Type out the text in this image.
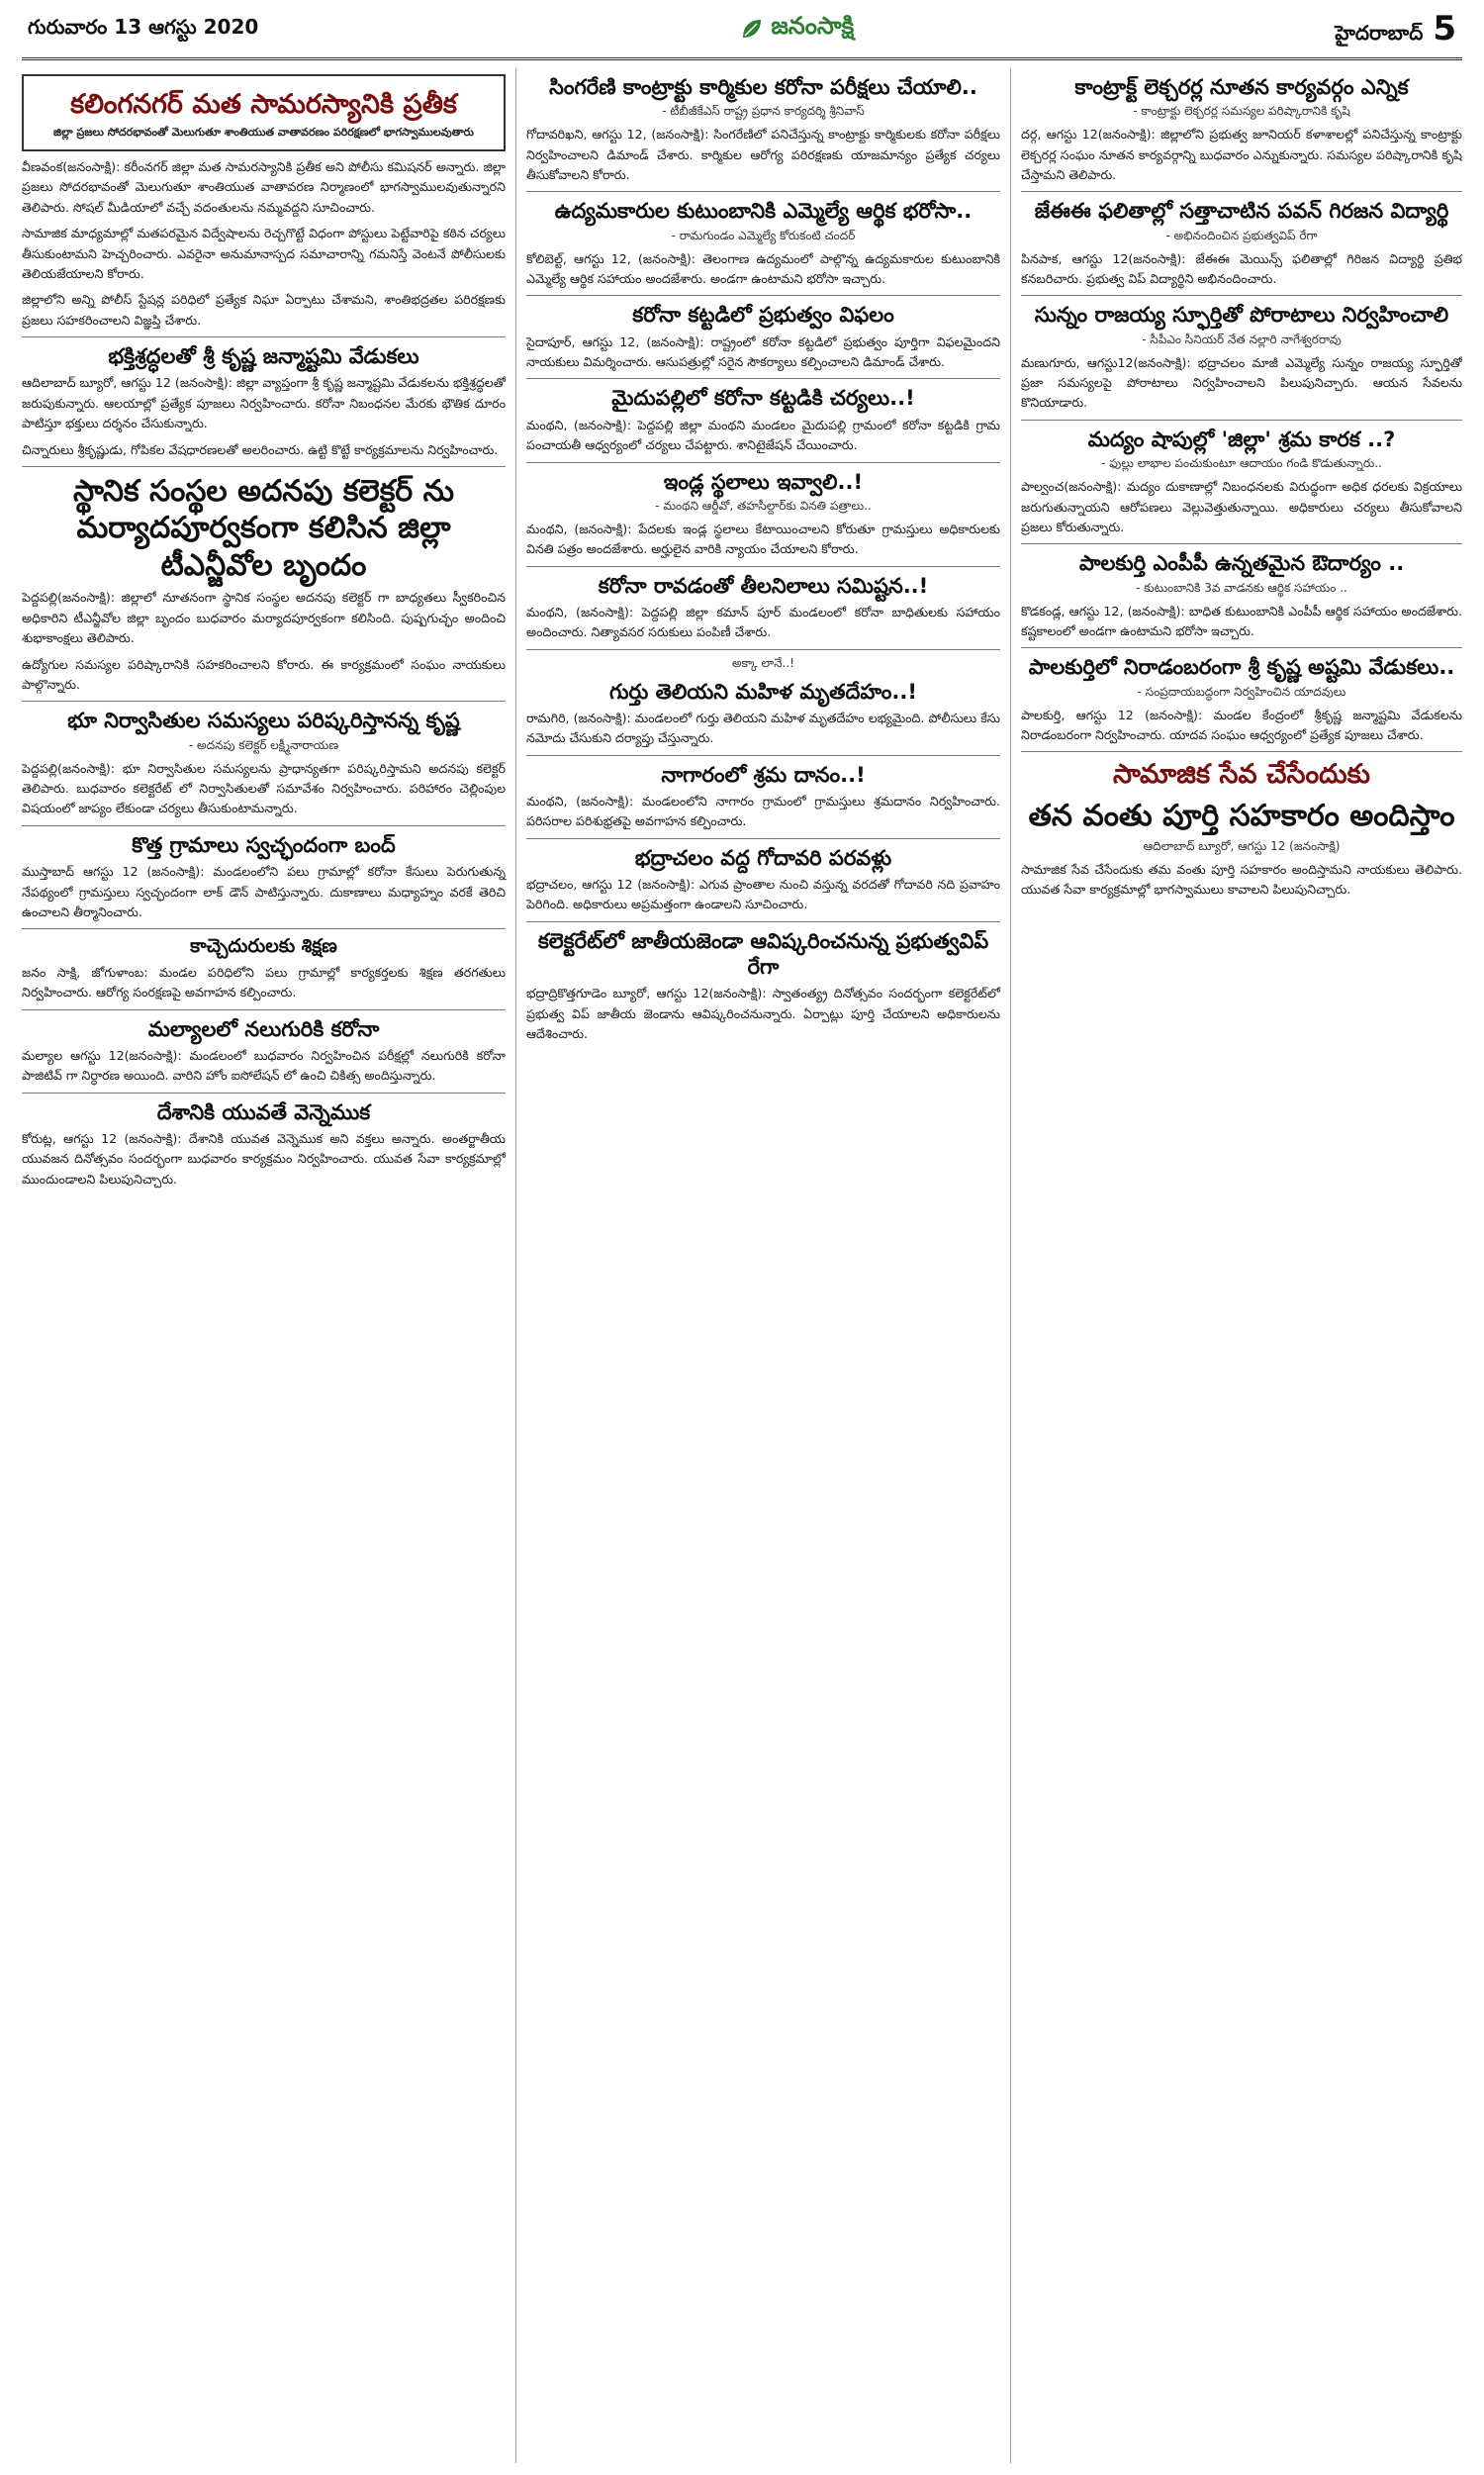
గురువారం 13 ఆగస్టు 2020	జనంసాక్షి	హైదరాబాద్ 5
కలింగనగర్ మత సామరస్యానికి ప్రతీక
జిల్లా ప్రజలు సోదరభావంతో మెలుగుతూ శాంతియుత వాతావరణం పరిరక్షణలో భాగస్వాములవుతారు

వీణవంక(జనంసాక్షి): కరీంనగర్ జిల్లా మత సామరస్యానికి ప్రతీక అని పోలీసు కమిషనర్ అన్నారు. జిల్లా ప్రజలు సోదరభావంతో మెలుగుతూ శాంతియుత వాతావరణ నిర్మాణంలో భాగస్వాములవుతున్నారని తెలిపారు. సోషల్ మీడియాలో వచ్చే వదంతులను నమ్మవద్దని సూచించారు.

సామాజిక మాధ్యమాల్లో మతపరమైన విద్వేషాలను రెచ్చగొట్టే విధంగా పోస్టులు పెట్టేవారిపై కఠిన చర్యలు తీసుకుంటామని హెచ్చరించారు. ఎవరైనా అనుమానాస్పద సమాచారాన్ని గమనిస్తే వెంటనే పోలీసులకు తెలియజేయాలని కోరారు.

జిల్లాలోని అన్ని పోలీస్ స్టేషన్ల పరిధిలో ప్రత్యేక నిఘా ఏర్పాటు చేశామని, శాంతిభద్రతల పరిరక్షణకు ప్రజలు సహకరించాలని విజ్ఞప్తి చేశారు.

భక్తిశ్రద్ధలతో శ్రీ కృష్ణ జన్మాష్టమి వేడుకలు

ఆదిలాబాద్ బ్యూరో, ఆగస్టు 12 (జనంసాక్షి): జిల్లా వ్యాప్తంగా శ్రీ కృష్ణ జన్మాష్టమి వేడుకలను భక్తిశ్రద్ధలతో జరుపుకున్నారు. ఆలయాల్లో ప్రత్యేక పూజలు నిర్వహించారు. కరోనా నిబంధనల మేరకు భౌతిక దూరం పాటిస్తూ భక్తులు దర్శనం చేసుకున్నారు.

చిన్నారులు శ్రీకృష్ణుడు, గోపికల వేషధారణలతో అలరించారు. ఉట్టి కొట్టే కార్యక్రమాలను నిర్వహించారు.

స్థానిక సంస్థల అదనపు కలెక్టర్ ను మర్యాదపూర్వకంగా కలిసిన జిల్లా టీఎన్జీవోల బృందం

పెద్దపల్లి(జనంసాక్షి): జిల్లాలో నూతనంగా స్థానిక సంస్థల అదనపు కలెక్టర్ గా బాధ్యతలు స్వీకరించిన అధికారిని టీఎన్జీవోల జిల్లా బృందం బుధవారం మర్యాదపూర్వకంగా కలిసింది. పుష్పగుచ్ఛం అందించి శుభాకాంక్షలు తెలిపారు.

ఉద్యోగుల సమస్యల పరిష్కారానికి సహకరించాలని కోరారు. ఈ కార్యక్రమంలో సంఘం నాయకులు పాల్గొన్నారు.

భూ నిర్వాసితుల సమస్యలు పరిష్కరిస్తానన్న కృష్ణ
- అదనపు కలెక్టర్ లక్ష్మీనారాయణ

పెద్దపల్లి(జనంసాక్షి): భూ నిర్వాసితుల సమస్యలను ప్రాధాన్యతగా పరిష్కరిస్తామని అదనపు కలెక్టర్ తెలిపారు. బుధవారం కలెక్టరేట్ లో నిర్వాసితులతో సమావేశం నిర్వహించారు. పరిహారం చెల్లింపుల విషయంలో జాప్యం లేకుండా చర్యలు తీసుకుంటామన్నారు.

కొత్త గ్రామాలు స్వచ్ఛందంగా బంద్

ముస్తాబాద్ ఆగస్టు 12 (జనంసాక్షి): మండలంలోని పలు గ్రామాల్లో కరోనా కేసులు పెరుగుతున్న నేపథ్యంలో గ్రామస్తులు స్వచ్ఛందంగా లాక్ డౌన్ పాటిస్తున్నారు. దుకాణాలు మధ్యాహ్నం వరకే తెరిచి ఉంచాలని తీర్మానించారు.

కాచ్చెదురులకు శిక్షణ

జనం సాక్షి, జోగుళాంబ: మండల పరిధిలోని పలు గ్రామాల్లో కార్యకర్తలకు శిక్షణ తరగతులు నిర్వహించారు. ఆరోగ్య సంరక్షణపై అవగాహన కల్పించారు.

మల్యాలలో నలుగురికి కరోనా

మల్యాల ఆగస్టు 12(జనంసాక్షి): మండలంలో బుధవారం నిర్వహించిన పరీక్షల్లో నలుగురికి కరోనా పాజిటివ్ గా నిర్ధారణ అయింది. వారిని హోం ఐసోలేషన్ లో ఉంచి చికిత్స అందిస్తున్నారు.

దేశానికి యువతే వెన్నెముక

కోరుట్ల, ఆగస్టు 12 (జనంసాక్షి): దేశానికి యువత వెన్నెముక అని వక్తలు అన్నారు. అంతర్జాతీయ యువజన దినోత్సవం సందర్భంగా బుధవారం కార్యక్రమం నిర్వహించారు. యువత సేవా కార్యక్రమాల్లో ముందుండాలని పిలుపునిచ్చారు.

సింగరేణి కాంట్రాక్టు కార్మికుల కరోనా పరీక్షలు చేయాలి..
- టీబీజీకేఎస్ రాష్ట్ర ప్రధాన కార్యదర్శి శ్రీనివాస్

గోదావరిఖని, ఆగస్టు 12, (జనంసాక్షి): సింగరేణిలో పనిచేస్తున్న కాంట్రాక్టు కార్మికులకు కరోనా పరీక్షలు నిర్వహించాలని డిమాండ్ చేశారు. కార్మికుల ఆరోగ్య పరిరక్షణకు యాజమాన్యం ప్రత్యేక చర్యలు తీసుకోవాలని కోరారు.

ఉద్యమకారుల కుటుంబానికి ఎమ్మెల్యే ఆర్థిక భరోసా..
- రామగుండం ఎమ్మెల్యే కోరుకంటి చందర్

కోలిబెల్ట్, ఆగస్టు 12, (జనంసాక్షి): తెలంగాణ ఉద్యమంలో పాల్గొన్న ఉద్యమకారుల కుటుంబానికి ఎమ్మెల్యే ఆర్థిక సహాయం అందజేశారు. అండగా ఉంటామని భరోసా ఇచ్చారు.

కరోనా కట్టడిలో ప్రభుత్వం విఫలం

సైదాపూర్, ఆగస్టు 12, (జనంసాక్షి): రాష్ట్రంలో కరోనా కట్టడిలో ప్రభుత్వం పూర్తిగా విఫలమైందని నాయకులు విమర్శించారు. ఆసుపత్రుల్లో సరైన సౌకర్యాలు కల్పించాలని డిమాండ్ చేశారు.

మైదుపల్లిలో కరోనా కట్టడికి చర్యలు..!

మంథని, (జనంసాక్షి): పెద్దపల్లి జిల్లా మంథని మండలం మైదుపల్లి గ్రామంలో కరోనా కట్టడికి గ్రామ పంచాయతీ ఆధ్వర్యంలో చర్యలు చేపట్టారు. శానిటైజేషన్ చేయించారు.

ఇండ్ల స్థలాలు ఇవ్వాలి..!
- మంథని ఆర్డీవో, తహసీల్దార్‌కు వినతి పత్రాలు..

మంథని, (జనంసాక్షి): పేదలకు ఇండ్ల స్థలాలు కేటాయించాలని కోరుతూ గ్రామస్తులు అధికారులకు వినతి పత్రం అందజేశారు. అర్హులైన వారికి న్యాయం చేయాలని కోరారు.

కరోనా రావడంతో తీలనిలాలు సమిష్టన..!

మంథని, (జనంసాక్షి): పెద్దపల్లి జిల్లా కమాన్ పూర్ మండలంలో కరోనా బాధితులకు సహాయం అందించారు. నిత్యావసర సరుకులు పంపిణీ చేశారు.

అక్కా లానే..!
గుర్తు తెలియని మహిళ మృతదేహం..!

రామగిరి, (జనంసాక్షి): మండలంలో గుర్తు తెలియని మహిళ మృతదేహం లభ్యమైంది. పోలీసులు కేసు నమోదు చేసుకుని దర్యాప్తు చేస్తున్నారు.

నాగారంలో శ్రమ దానం..!

మంథని, (జనంసాక్షి): మండలంలోని నాగారం గ్రామంలో గ్రామస్తులు శ్రమదానం నిర్వహించారు. పరిసరాల పరిశుభ్రతపై అవగాహన కల్పించారు.

భద్రాచలం వద్ద గోదావరి పరవళ్లు

భద్రాచలం, ఆగస్టు 12 (జనంసాక్షి): ఎగువ ప్రాంతాల నుంచి వస్తున్న వరదతో గోదావరి నది ప్రవాహం పెరిగింది. అధికారులు అప్రమత్తంగా ఉండాలని సూచించారు.

కలెక్టరేట్‌లో జాతీయజెండా ఆవిష్కరించనున్న ప్రభుత్వవిప్ రేగా

భద్రాద్రికొత్తగూడెం బ్యూరో, ఆగస్టు 12(జనంసాక్షి): స్వాతంత్య్ర దినోత్సవం సందర్భంగా కలెక్టరేట్‌లో ప్రభుత్వ విప్ జాతీయ జెండాను ఆవిష్కరించనున్నారు. ఏర్పాట్లు పూర్తి చేయాలని అధికారులను ఆదేశించారు.

కాంట్రాక్ట్ లెక్చరర్ల నూతన కార్యవర్గం ఎన్నిక
- కాంట్రాక్టు లెక్చరర్ల సమస్యల పరిష్కారానికి కృషి

దర్గ, ఆగస్టు 12(జనంసాక్షి): జిల్లాలోని ప్రభుత్వ జూనియర్ కళాశాలల్లో పనిచేస్తున్న కాంట్రాక్టు లెక్చరర్ల సంఘం నూతన కార్యవర్గాన్ని బుధవారం ఎన్నుకున్నారు. సమస్యల పరిష్కారానికి కృషి చేస్తామని తెలిపారు.

జేఈఈ ఫలితాల్లో సత్తాచాటిన పవన్ గిరజన విద్యార్థి
- అభినందించిన ప్రభుత్వవిప్ రేగా

పినపాక, ఆగస్టు 12(జనంసాక్షి): జేఈఈ మెయిన్స్ ఫలితాల్లో గిరిజన విద్యార్థి ప్రతిభ కనబరిచారు. ప్రభుత్వ విప్ విద్యార్థిని అభినందించారు.

సున్నం రాజయ్య స్ఫూర్తితో పోరాటాలు నిర్వహించాలి
- సీపీఎం సీనియర్ నేత నల్లారి నాగేశ్వరరావు

మణుగూరు, ఆగస్టు12(జనంసాక్షి): భద్రాచలం మాజీ ఎమ్మెల్యే సున్నం రాజయ్య స్ఫూర్తితో ప్రజా సమస్యలపై పోరాటాలు నిర్వహించాలని పిలుపునిచ్చారు. ఆయన సేవలను కొనియాడారు.

మద్యం షాపుల్లో 'జిల్లా' శ్రమ కారక ..?
- ఫుల్లు లాభాల పంచుకుంటూ ఆదాయం గండి కొడుతున్నారు..

పాల్వంచ(జనంసాక్షి): మద్యం దుకాణాల్లో నిబంధనలకు విరుద్ధంగా అధిక ధరలకు విక్రయాలు జరుగుతున్నాయని ఆరోపణలు వెల్లువెత్తుతున్నాయి. అధికారులు చర్యలు తీసుకోవాలని ప్రజలు కోరుతున్నారు.

పాలకుర్తి ఎంపీపీ ఉన్నతమైన ఔదార్యం ..
- కుటుంబానికి 3వ వాడనకు ఆర్థిక సహాయం ..

కొడకండ్ల, ఆగస్టు 12, (జనంసాక్షి): బాధిత కుటుంబానికి ఎంపీపీ ఆర్థిక సహాయం అందజేశారు. కష్టకాలంలో అండగా ఉంటామని భరోసా ఇచ్చారు.

పాలకుర్తిలో నిరాడంబరంగా శ్రీ కృష్ణ అష్టమి వేడుకలు..
- సంప్రదాయబద్ధంగా నిర్వహించిన యాదవులు

పాలకుర్తి, ఆగస్టు 12 (జనంసాక్షి): మండల కేంద్రంలో శ్రీకృష్ణ జన్మాష్టమి వేడుకలను నిరాడంబరంగా నిర్వహించారు. యాదవ సంఘం ఆధ్వర్యంలో ప్రత్యేక పూజలు చేశారు.

సామాజిక సేవ చేసేందుకు
తన వంతు పూర్తి సహకారం అందిస్తాం
ఆదిలాబాద్ బ్యూరో, ఆగస్టు 12 (జనంసాక్షి)

సామాజిక సేవ చేసేందుకు తమ వంతు పూర్తి సహకారం అందిస్తామని నాయకులు తెలిపారు. యువత సేవా కార్యక్రమాల్లో భాగస్వాములు కావాలని పిలుపునిచ్చారు.
